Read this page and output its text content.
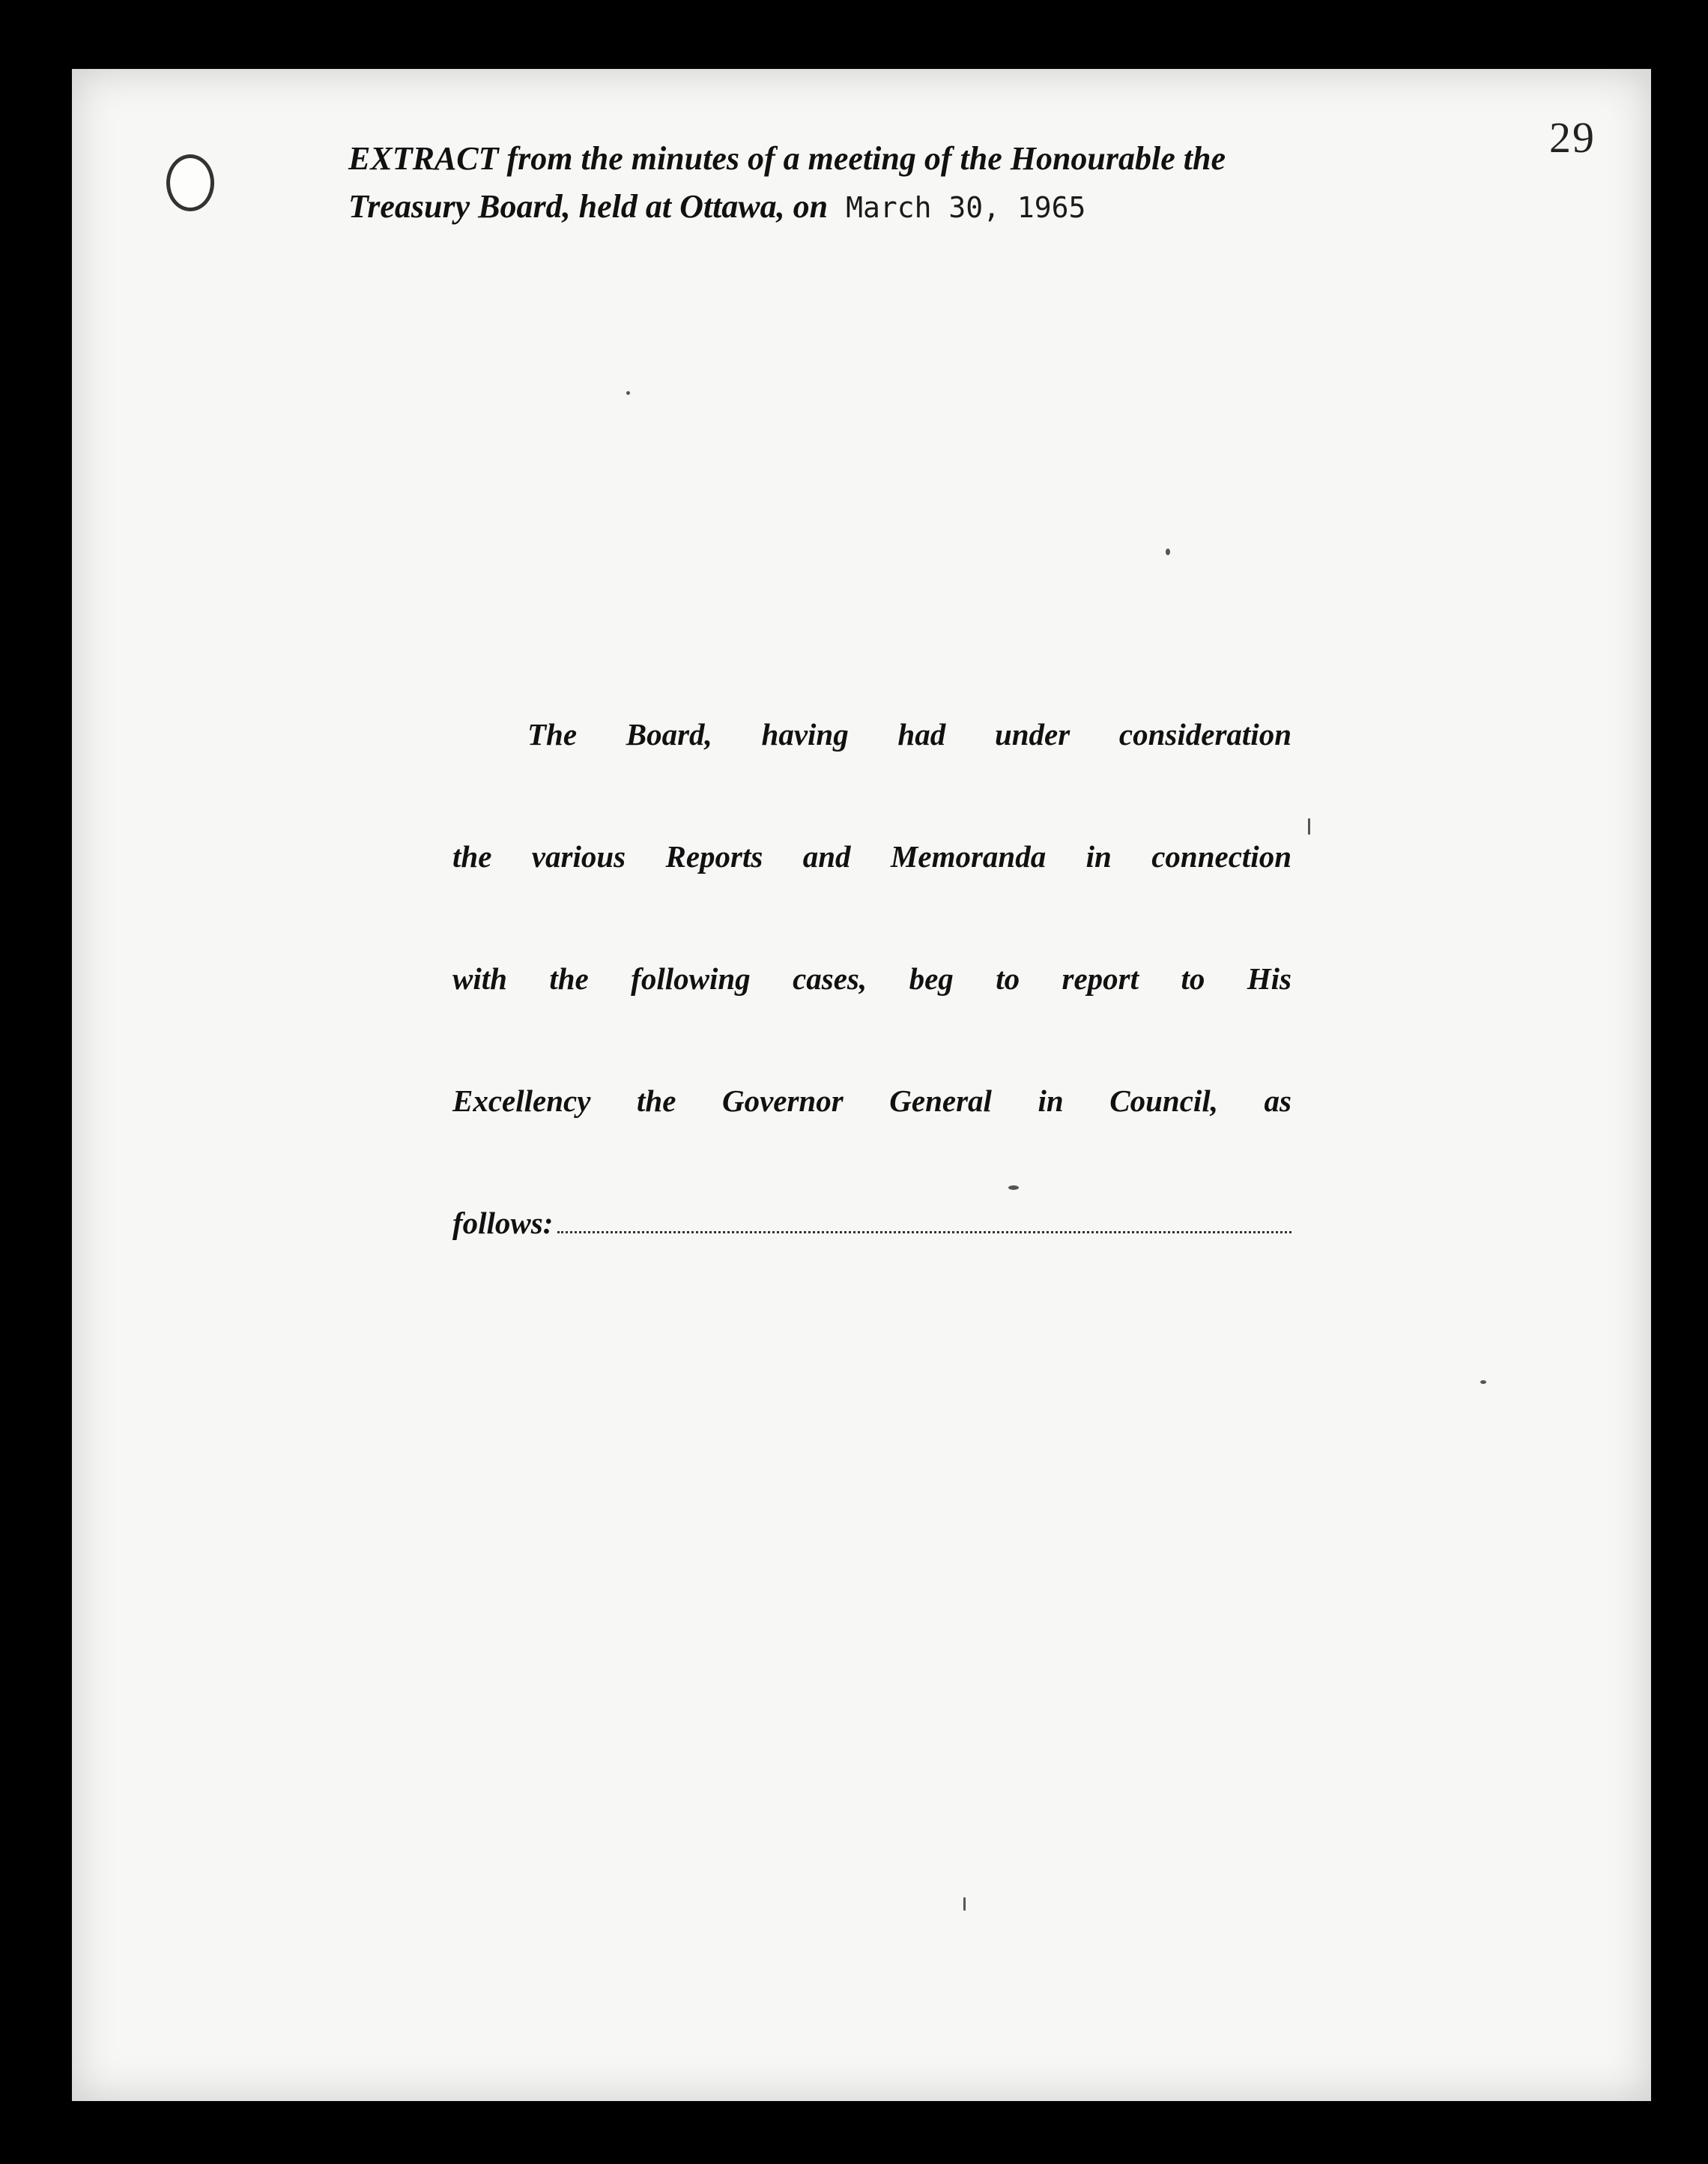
29
EXTRACT from the minutes of a meeting of the Honourable the
Treasury Board, held at Ottawa, on March 30, 1965
The Board, having had under consideration
the various Reports and Memoranda in connection
with the following cases, beg to report to His
Excellency the Governor General in Council, as
follows:
